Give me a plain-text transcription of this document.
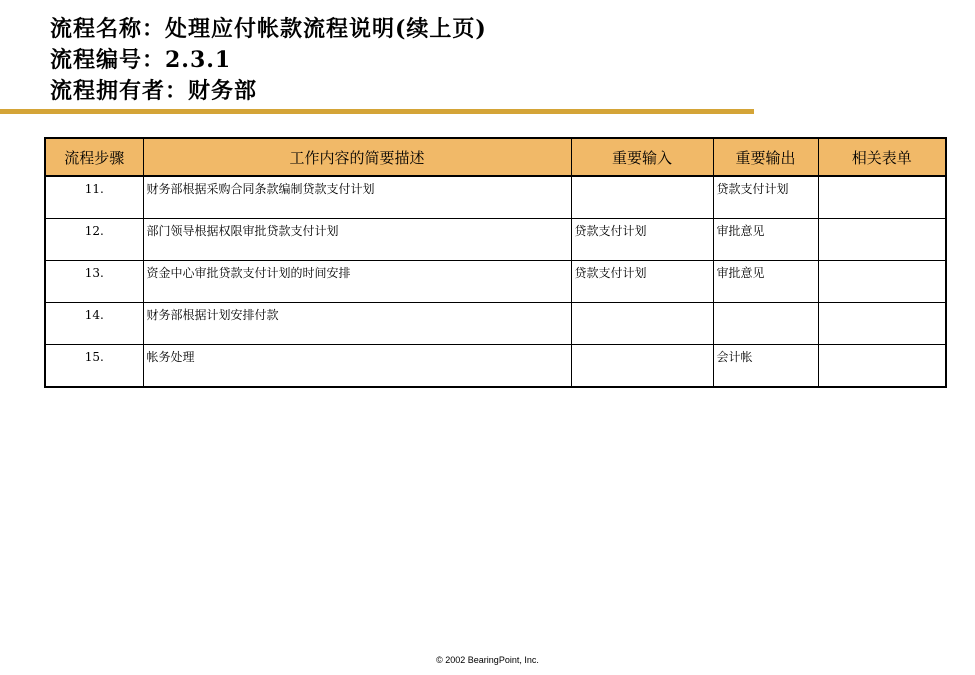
流程名称：处理应付帐款流程说明(续上页)
流程编号：2.3.1
流程拥有者：财务部
流程步骤	工作内容的简要描述	重要输入	重要输出	相关表单

11.	财务部根据采购合同条款编制贷款支付计划		贷款支付计划	

12.	部门领导根据权限审批贷款支付计划	贷款支付计划	审批意见	

13.	资金中心审批贷款支付计划的时间安排	贷款支付计划	审批意见	

14.	财务部根据计划安排付款			

15.	帐务处理		会计帐	

© 2002 BearingPoint, Inc.
